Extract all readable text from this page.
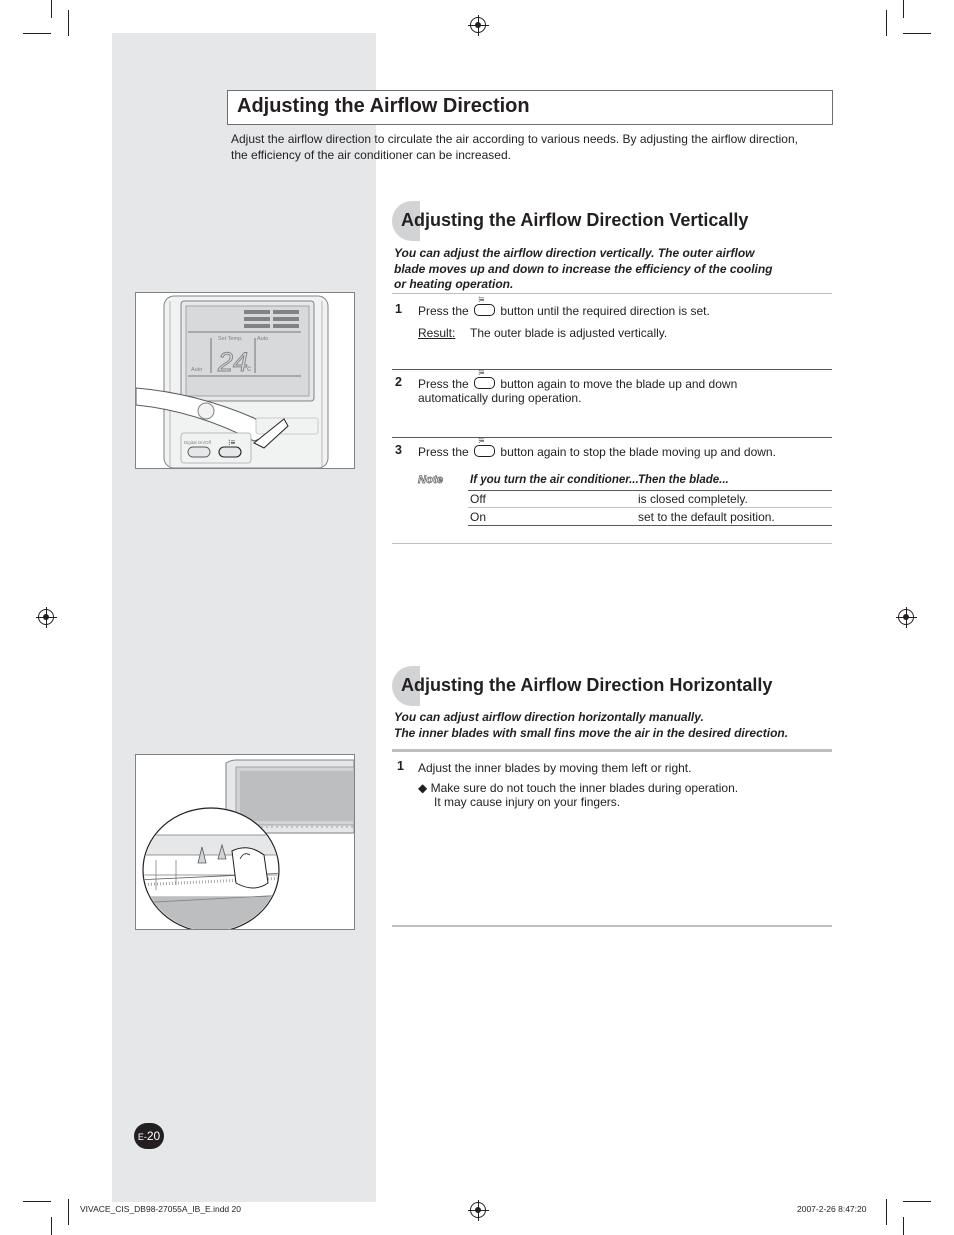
Adjusting the Airflow Direction
Adjust the airflow direction to circulate the air according to various needs. By adjusting the airflow direction, the efficiency of the air conditioner can be increased.
Adjusting the Airflow Direction Vertically
You can adjust the airflow direction vertically. The outer airflow
blade moves up and down to increase the efficiency of the cooling
or heating operation.
1 Press the ⁝≡	button until the required direction is set.
Result: The outer blade is adjusted vertically.
2 Press the ⁝≡	button again to move the blade up and down
automatically during operation.
3 Press the ⁝≡	button again to stop the blade moving up and down.
Note If you turn the air conditioner... Then the blade...
Off	is closed completely.
On	set to the default position.
Set Temp.	Auto
Auto 24
c
Digital On/Off ⁝≡
Adjusting the Airflow Direction Horizontally
You can adjust airflow direction horizontally manually.
The inner blades with small fins move the air in the desired direction.
1 Adjust the inner blades by moving them left or right.
◆ Make sure do not touch the inner blades during operation.
It may cause injury on your fingers.
E-20
VIVACE_CIS_DB98-27055A_IB_E.indd 20	2007-2-26 8:47:20
